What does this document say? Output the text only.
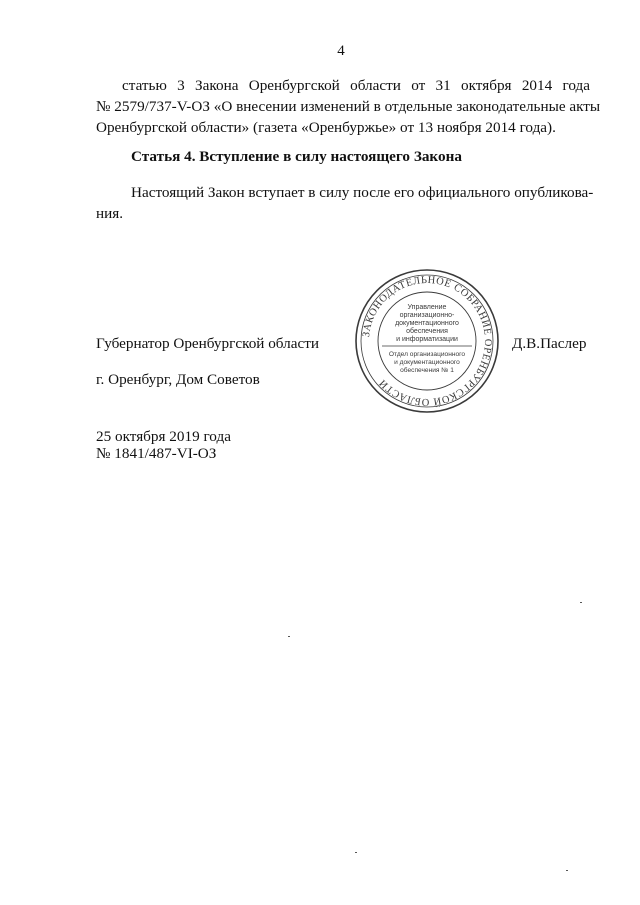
4
статью 3 Закона Оренбургской области от 31 октября 2014 года
№ 2579/737-V-ОЗ «О внесении изменений в отдельные законодательные акты
Оренбургской области» (газета «Оренбуржье» от 13 ноября 2014 года).
Статья 4. Вступление в силу настоящего Закона
Настоящий Закон вступает в силу после его официального опубликова-
ния.
Губернатор Оренбургской области	Д.В.Паслер
г. Оренбург, Дом Советов
25 октября 2019 года
№ 1841/487-VI-ОЗ
ЗАКОНОДАТЕЛЬНОЕ СОБРАНИЕ ОРЕНБУРГСКОЙ ОБЛАСТИ
Управление
организационно-
документационного
обеспечения
и информатизации
Отдел организационного
и документационного
обеспечения № 1
